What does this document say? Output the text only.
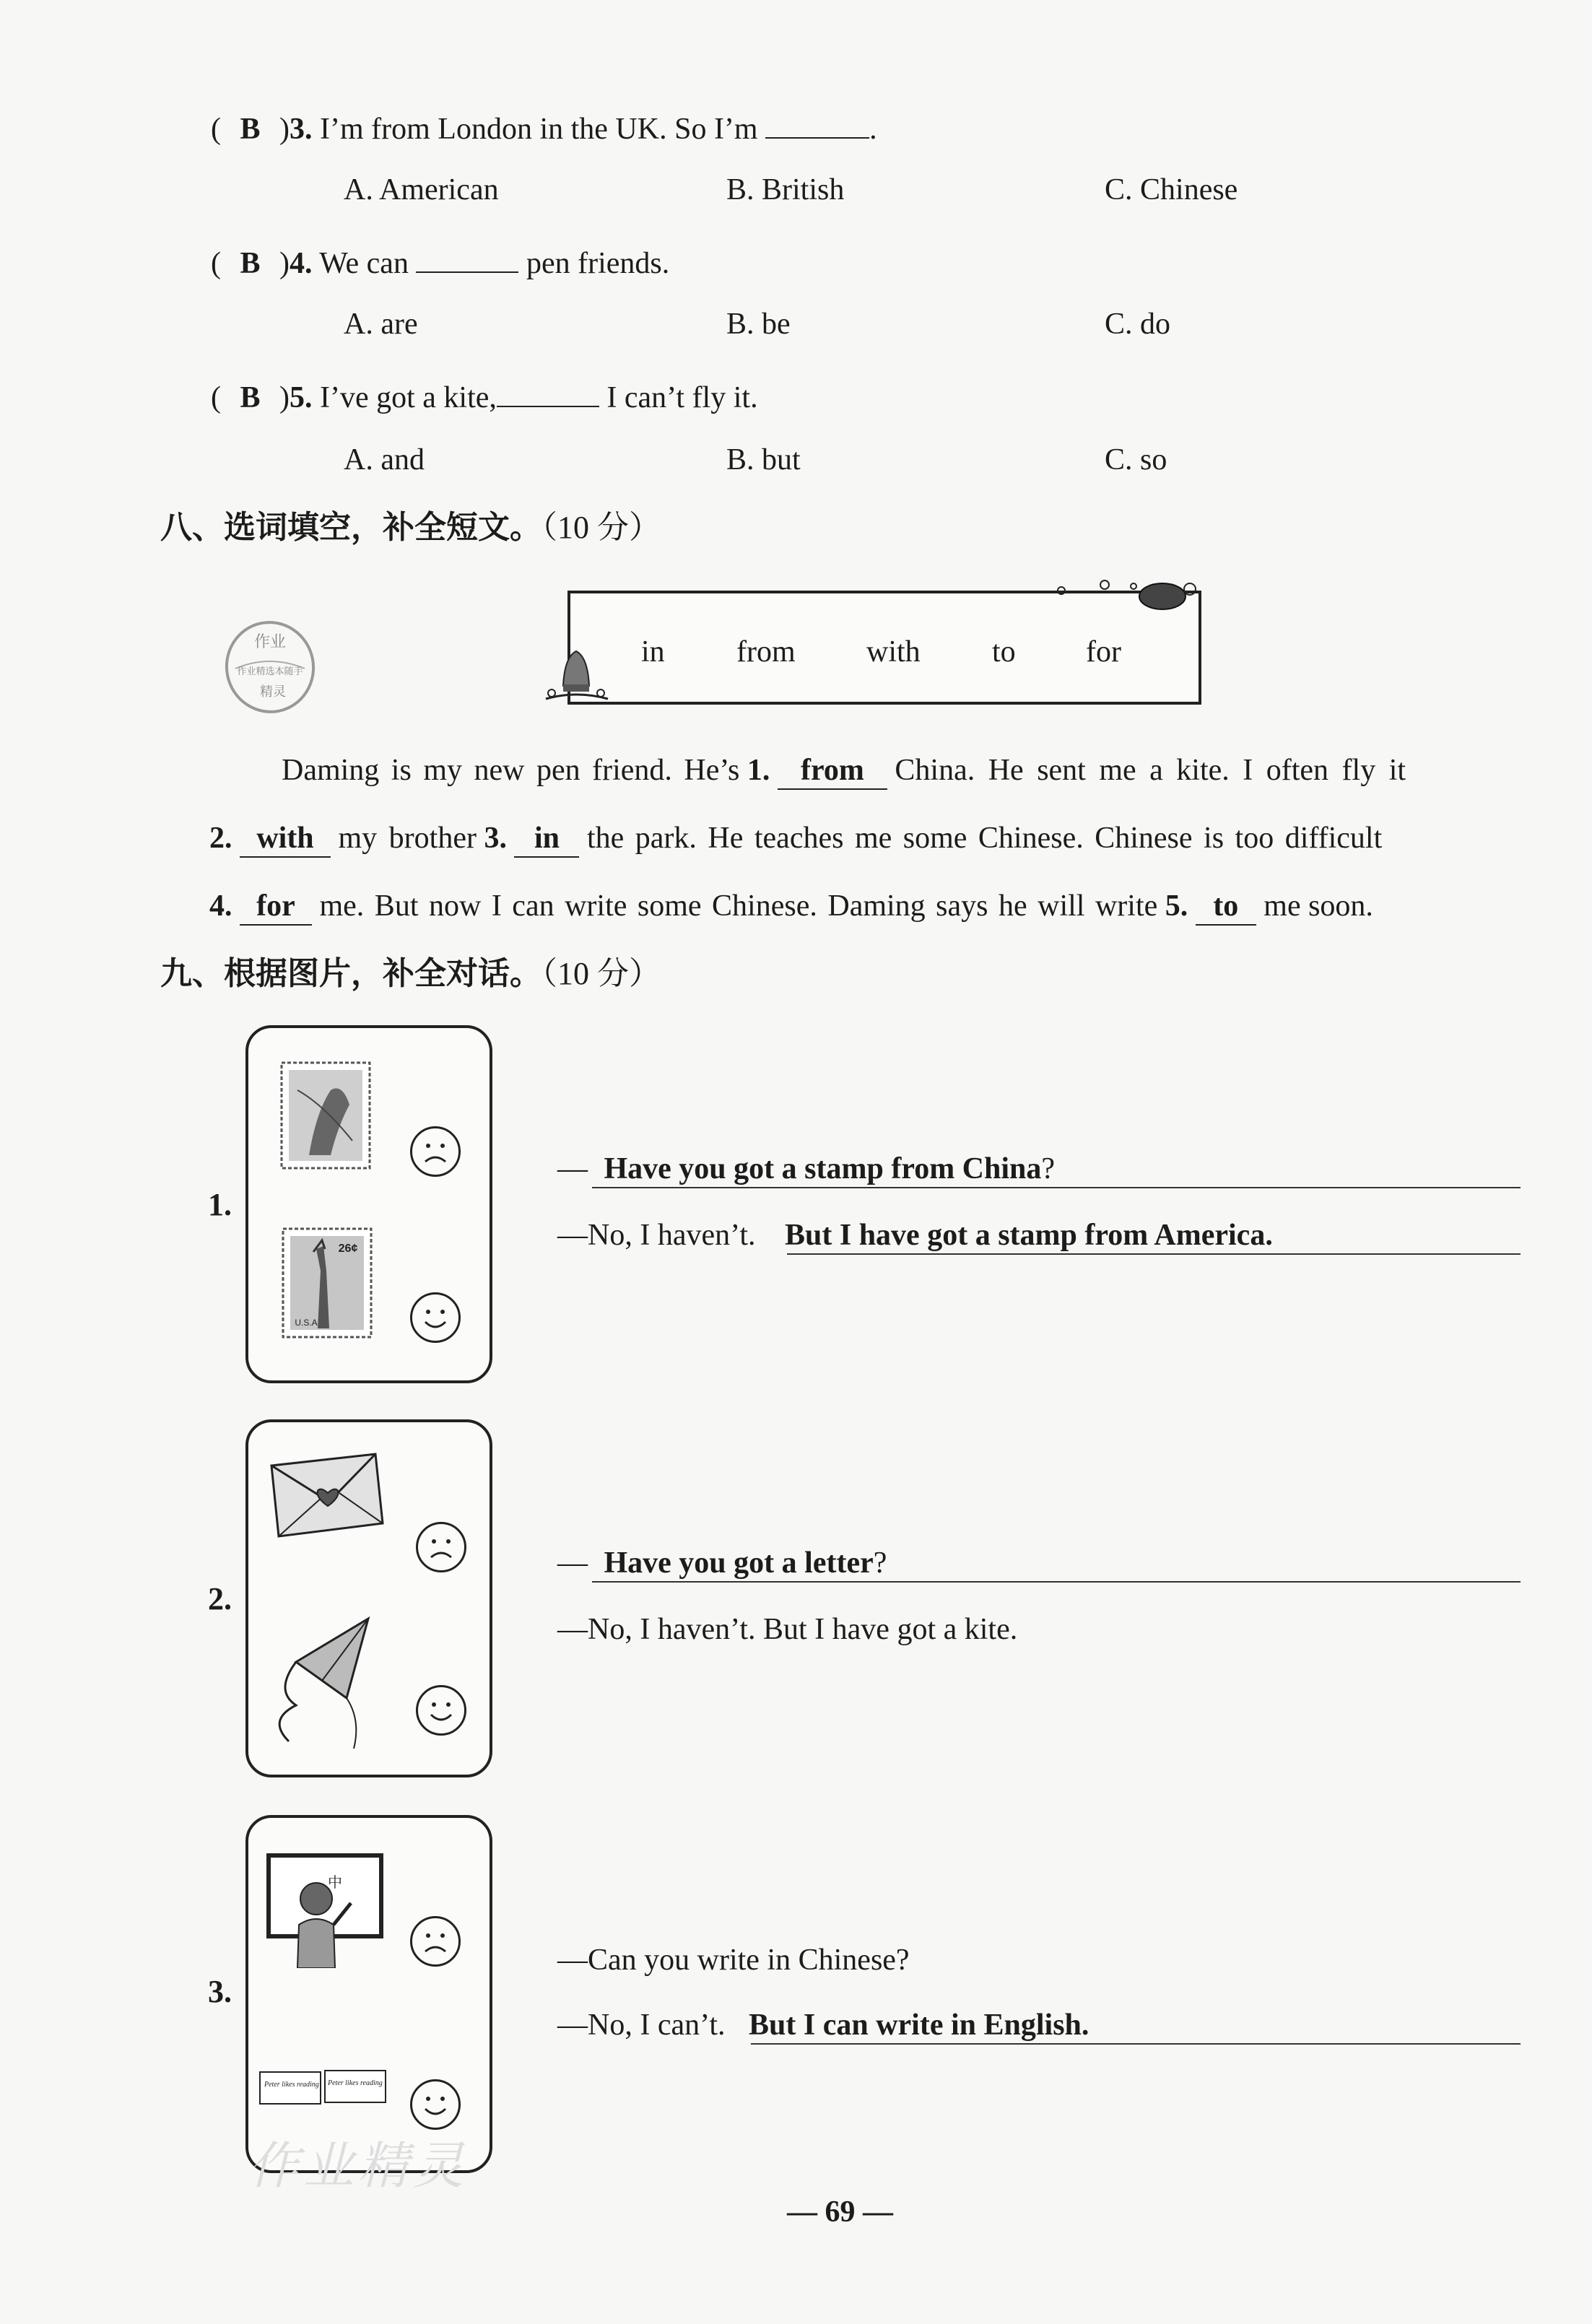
( B )3. I’m from London in the UK. So I’m	.
A. American	B. British	C. Chinese
( B )4. We can	pen friends.
A. are	B. be	C. do
( B )5. I’ve got a kite,	I can’t fly it.
A. and	B. but	C. so
八、选词填空，补全短文。（10 分）
作业
作业精选本随手
精灵
in from with to for
Daming is my new pen friend. He’s 1. from China. He sent me a kite. I often fly it
2. with my brother 3. in the park. He teaches me some Chinese. Chinese is too difficult
4. for me. But now I can write some Chinese. Daming says he will write 5. to me soon.
九、根据图片，补全对话。（10 分）
26¢
U.S.A
1.
— Have you got a stamp from China?
—No, I haven’t. But I have got a stamp from America.
2.
— Have you got a letter?
—No, I haven’t. But I have got a kite.
中
Peter likes reading Peter likes reading
3.
—Can you write in Chinese?
—No, I can’t. But I can write in English.
作业精灵
— 69 —
